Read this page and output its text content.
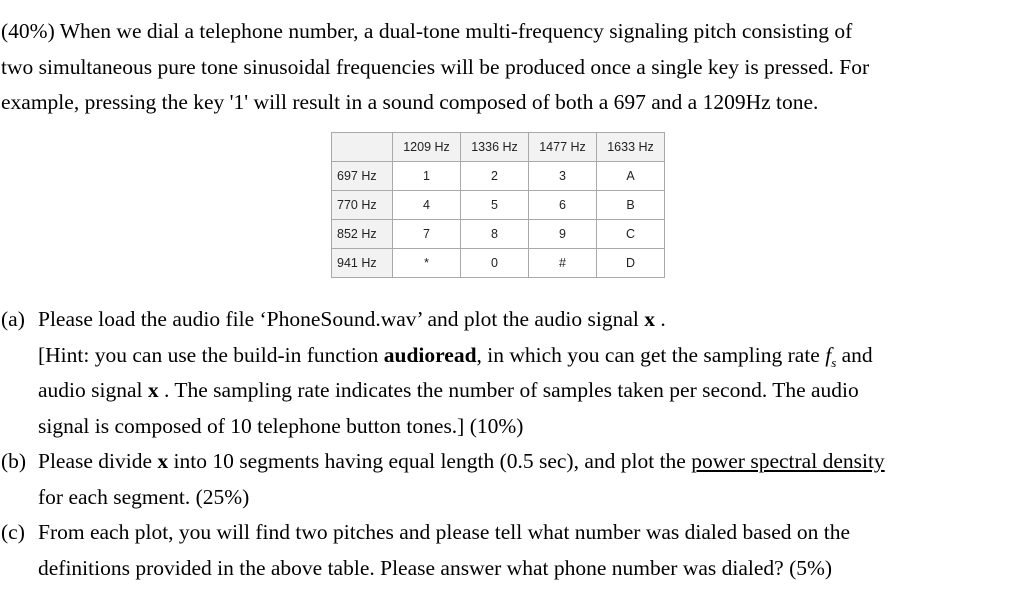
(40%) When we dial a telephone number, a dual-tone multi-frequency signaling pitch consisting of
two simultaneous pure tone sinusoidal frequencies will be produced once a single key is pressed. For
example, pressing the key '1' will result in a sound composed of both a 697 and a 1209Hz tone.
	1209 Hz	1336 Hz	1477 Hz	1633 Hz
697 Hz	1	2	3	A
770 Hz	4	5	6	B
852 Hz	7	8	9	C
941 Hz	*	0	#	D
(a) Please load the audio file ‘PhoneSound.wav’ and plot the audio signal x .
[Hint: you can use the build-in function audioread, in which you can get the sampling rate $f_s$ and
audio signal x . The sampling rate indicates the number of samples taken per second. The audio
signal is composed of 10 telephone button tones.] (10%)
(b) Please divide x into 10 segments having equal length (0.5 sec), and plot the power spectral density
for each segment. (25%)
(c) From each plot, you will find two pitches and please tell what number was dialed based on the
definitions provided in the above table. Please answer what phone number was dialed? (5%)
